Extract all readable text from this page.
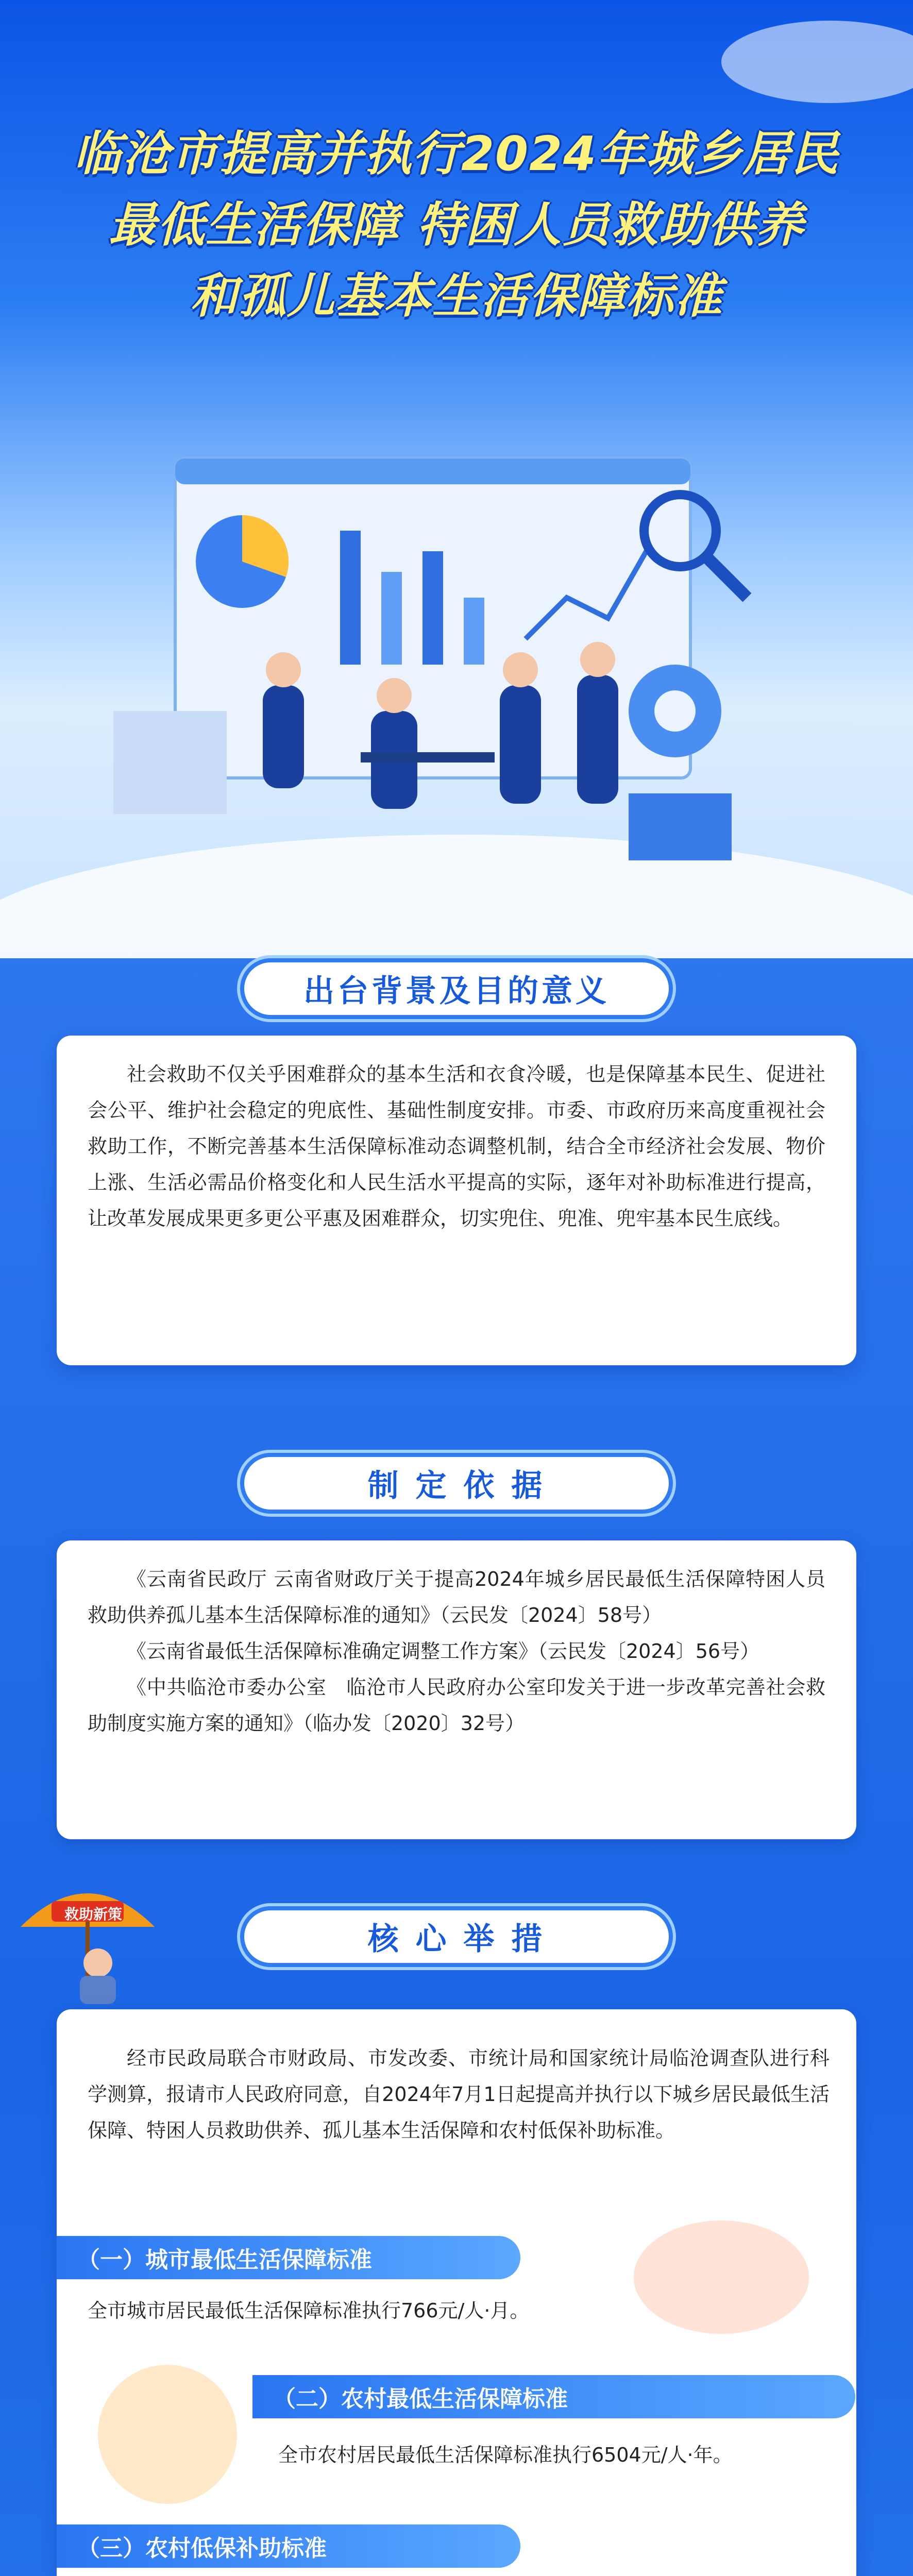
临沧市提高并执行2024年城乡居民
最低生活保障 特困人员救助供养
和孤儿基本生活保障标准
出台背景及目的意义

社会救助不仅关乎困难群众的基本生活和衣食冷暖，也是保障基本民生、促进社会公平、维护社会稳定的兜底性、基础性制度安排。市委、市政府历来高度重视社会救助工作，不断完善基本生活保障标准动态调整机制，结合全市经济社会发展、物价上涨、生活必需品价格变化和人民生活水平提高的实际，逐年对补助标准进行提高，让改革发展成果更多更公平惠及困难群众，切实兜住、兜准、兜牢基本民生底线。

制 定 依 据

《云南省民政厅 云南省财政厅关于提高2024年城乡居民最低生活保障特困人员救助供养孤儿基本生活保障标准的通知》（云民发〔2024〕58号）

《云南省最低生活保障标准确定调整工作方案》（云民发〔2024〕56号）

《中共临沧市委办公室　临沧市人民政府办公室印发关于进一步改革完善社会救助制度实施方案的通知》（临办发〔2020〕32号）

救助新策
核 心 举 措

经市民政局联合市财政局、市发改委、市统计局和国家统计局临沧调查队进行科学测算，报请市人民政府同意，自2024年7月1日起提高并执行以下城乡居民最低生活保障、特困人员救助供养、孤儿基本生活保障和农村低保补助标准。

（一）城市最低生活保障标准

全市城市居民最低生活保障标准执行766元/人·月。

（二）农村最低生活保障标准

全市农村居民最低生活保障标准执行6504元/人·年。

（三）农村低保补助标准
